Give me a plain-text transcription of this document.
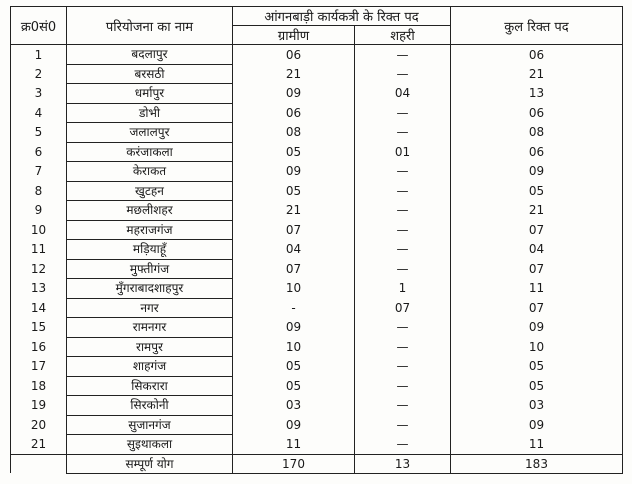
क्र0सं0	परियोजना का नाम	आंगनबाड़ी कार्यकत्री के रिक्त पद		कुल रिक्त पद
		ग्रामीण	शहरी	
1	बदलापुर	06	—	06
2	बरसठी	21	—	21
3	धर्मापुर	09	04	13
4	डोभी	06	—	06
5	जलालपुर	08	—	08
6	करंजाकला	05	01	06
7	केराकत	09	—	09
8	खुटहन	05	—	05
9	मछलीशहर	21	—	21
10	महराजगंज	07	—	07
11	मड़ियाहूँ	04	—	04
12	मुफ्तीगंज	07	—	07
13	मुँगराबादशाहपुर	10	1	11
14	नगर	-	07	07
15	रामनगर	09	—	09
16	रामपुर	10	—	10
17	शाहगंज	05	—	05
18	सिकरारा	05	—	05
19	सिरकोनी	03	—	03
20	सुजानगंज	09	—	09
21	सुइथाकला	11	—	11
	सम्पूर्ण योग	170	13	183
